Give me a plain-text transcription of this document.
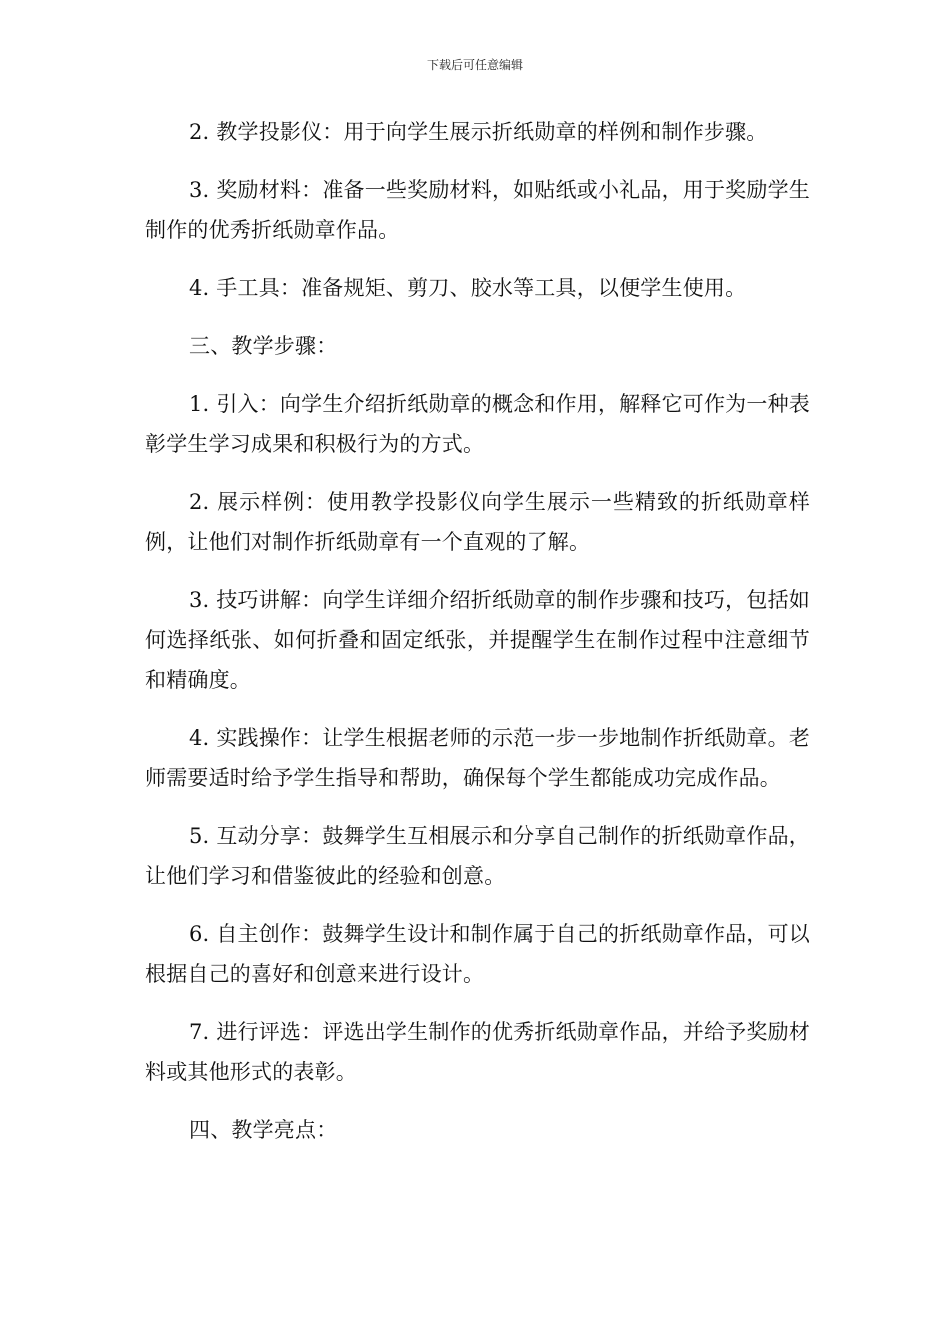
下载后可任意编辑

2. 教学投影仪：用于向学生展示折纸勋章的样例和制作步骤。

3. 奖励材料：准备一些奖励材料，如贴纸或小礼品，用于奖励学生制作的优秀折纸勋章作品。

4. 手工具：准备规矩、剪刀、胶水等工具，以便学生使用。

三、教学步骤：

1. 引入：向学生介绍折纸勋章的概念和作用，解释它可作为一种表彰学生学习成果和积极行为的方式。

2. 展示样例：使用教学投影仪向学生展示一些精致的折纸勋章样例，让他们对制作折纸勋章有一个直观的了解。

3. 技巧讲解：向学生详细介绍折纸勋章的制作步骤和技巧，包括如何选择纸张、如何折叠和固定纸张，并提醒学生在制作过程中注意细节和精确度。

4. 实践操作：让学生根据老师的示范一步一步地制作折纸勋章。老师需要适时给予学生指导和帮助，确保每个学生都能成功完成作品。

5. 互动分享：鼓舞学生互相展示和分享自己制作的折纸勋章作品，让他们学习和借鉴彼此的经验和创意。

6. 自主创作：鼓舞学生设计和制作属于自己的折纸勋章作品，可以根据自己的喜好和创意来进行设计。

7. 进行评选：评选出学生制作的优秀折纸勋章作品，并给予奖励材料或其他形式的表彰。

四、教学亮点：
